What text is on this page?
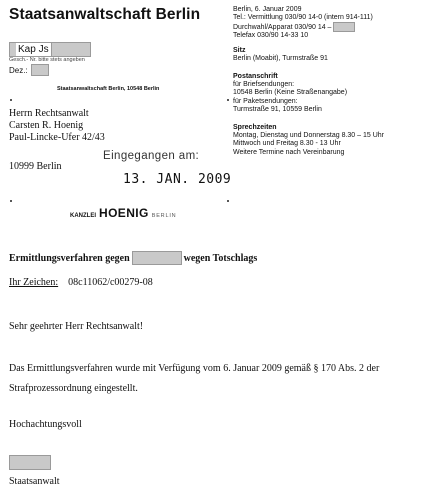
Staatsanwaltschaft Berlin
Kap Js
Gesch.- Nr. bitte stets angeben
Dez.:
Staatsanwaltschaft Berlin, 10548 Berlin
Berlin, 6. Januar 2009
Tel.: Vermittlung 030/90 14-0 (intern 914-111)
Durchwahl/Apparat 030/90 14 –
Telefax 030/90 14-33 10
Sitz
Berlin (Moabit), Turmstraße 91
Postanschrift
für Briefsendungen:
10548 Berlin (Keine Straßenangabe)
für Paketsendungen:
Turmstraße 91, 10559 Berlin
Sprechzeiten
Montag, Dienstag und Donnerstag 8.30 – 15 Uhr
Mittwoch und Freitag 8.30 - 13 Uhr
Weitere Termine nach Vereinbarung
Herrn Rechtsanwalt
Carsten R. Hoenig
Paul-Lincke-Ufer 42/43
10999 Berlin
Eingegangen am:
13. JAN. 2009
KANZLEI HOENIG BERLIN
Ermittlungsverfahren gegen	wegen Totschlags
Ihr Zeichen: 08c11062/c00279-08
Sehr geehrter Herr Rechtsanwalt!
Das Ermittlungsverfahren wurde mit Verfügung vom 6. Januar 2009 gemäß § 170 Abs. 2 der
Strafprozessordnung eingestellt.
Hochachtungsvoll
Staatsanwalt
